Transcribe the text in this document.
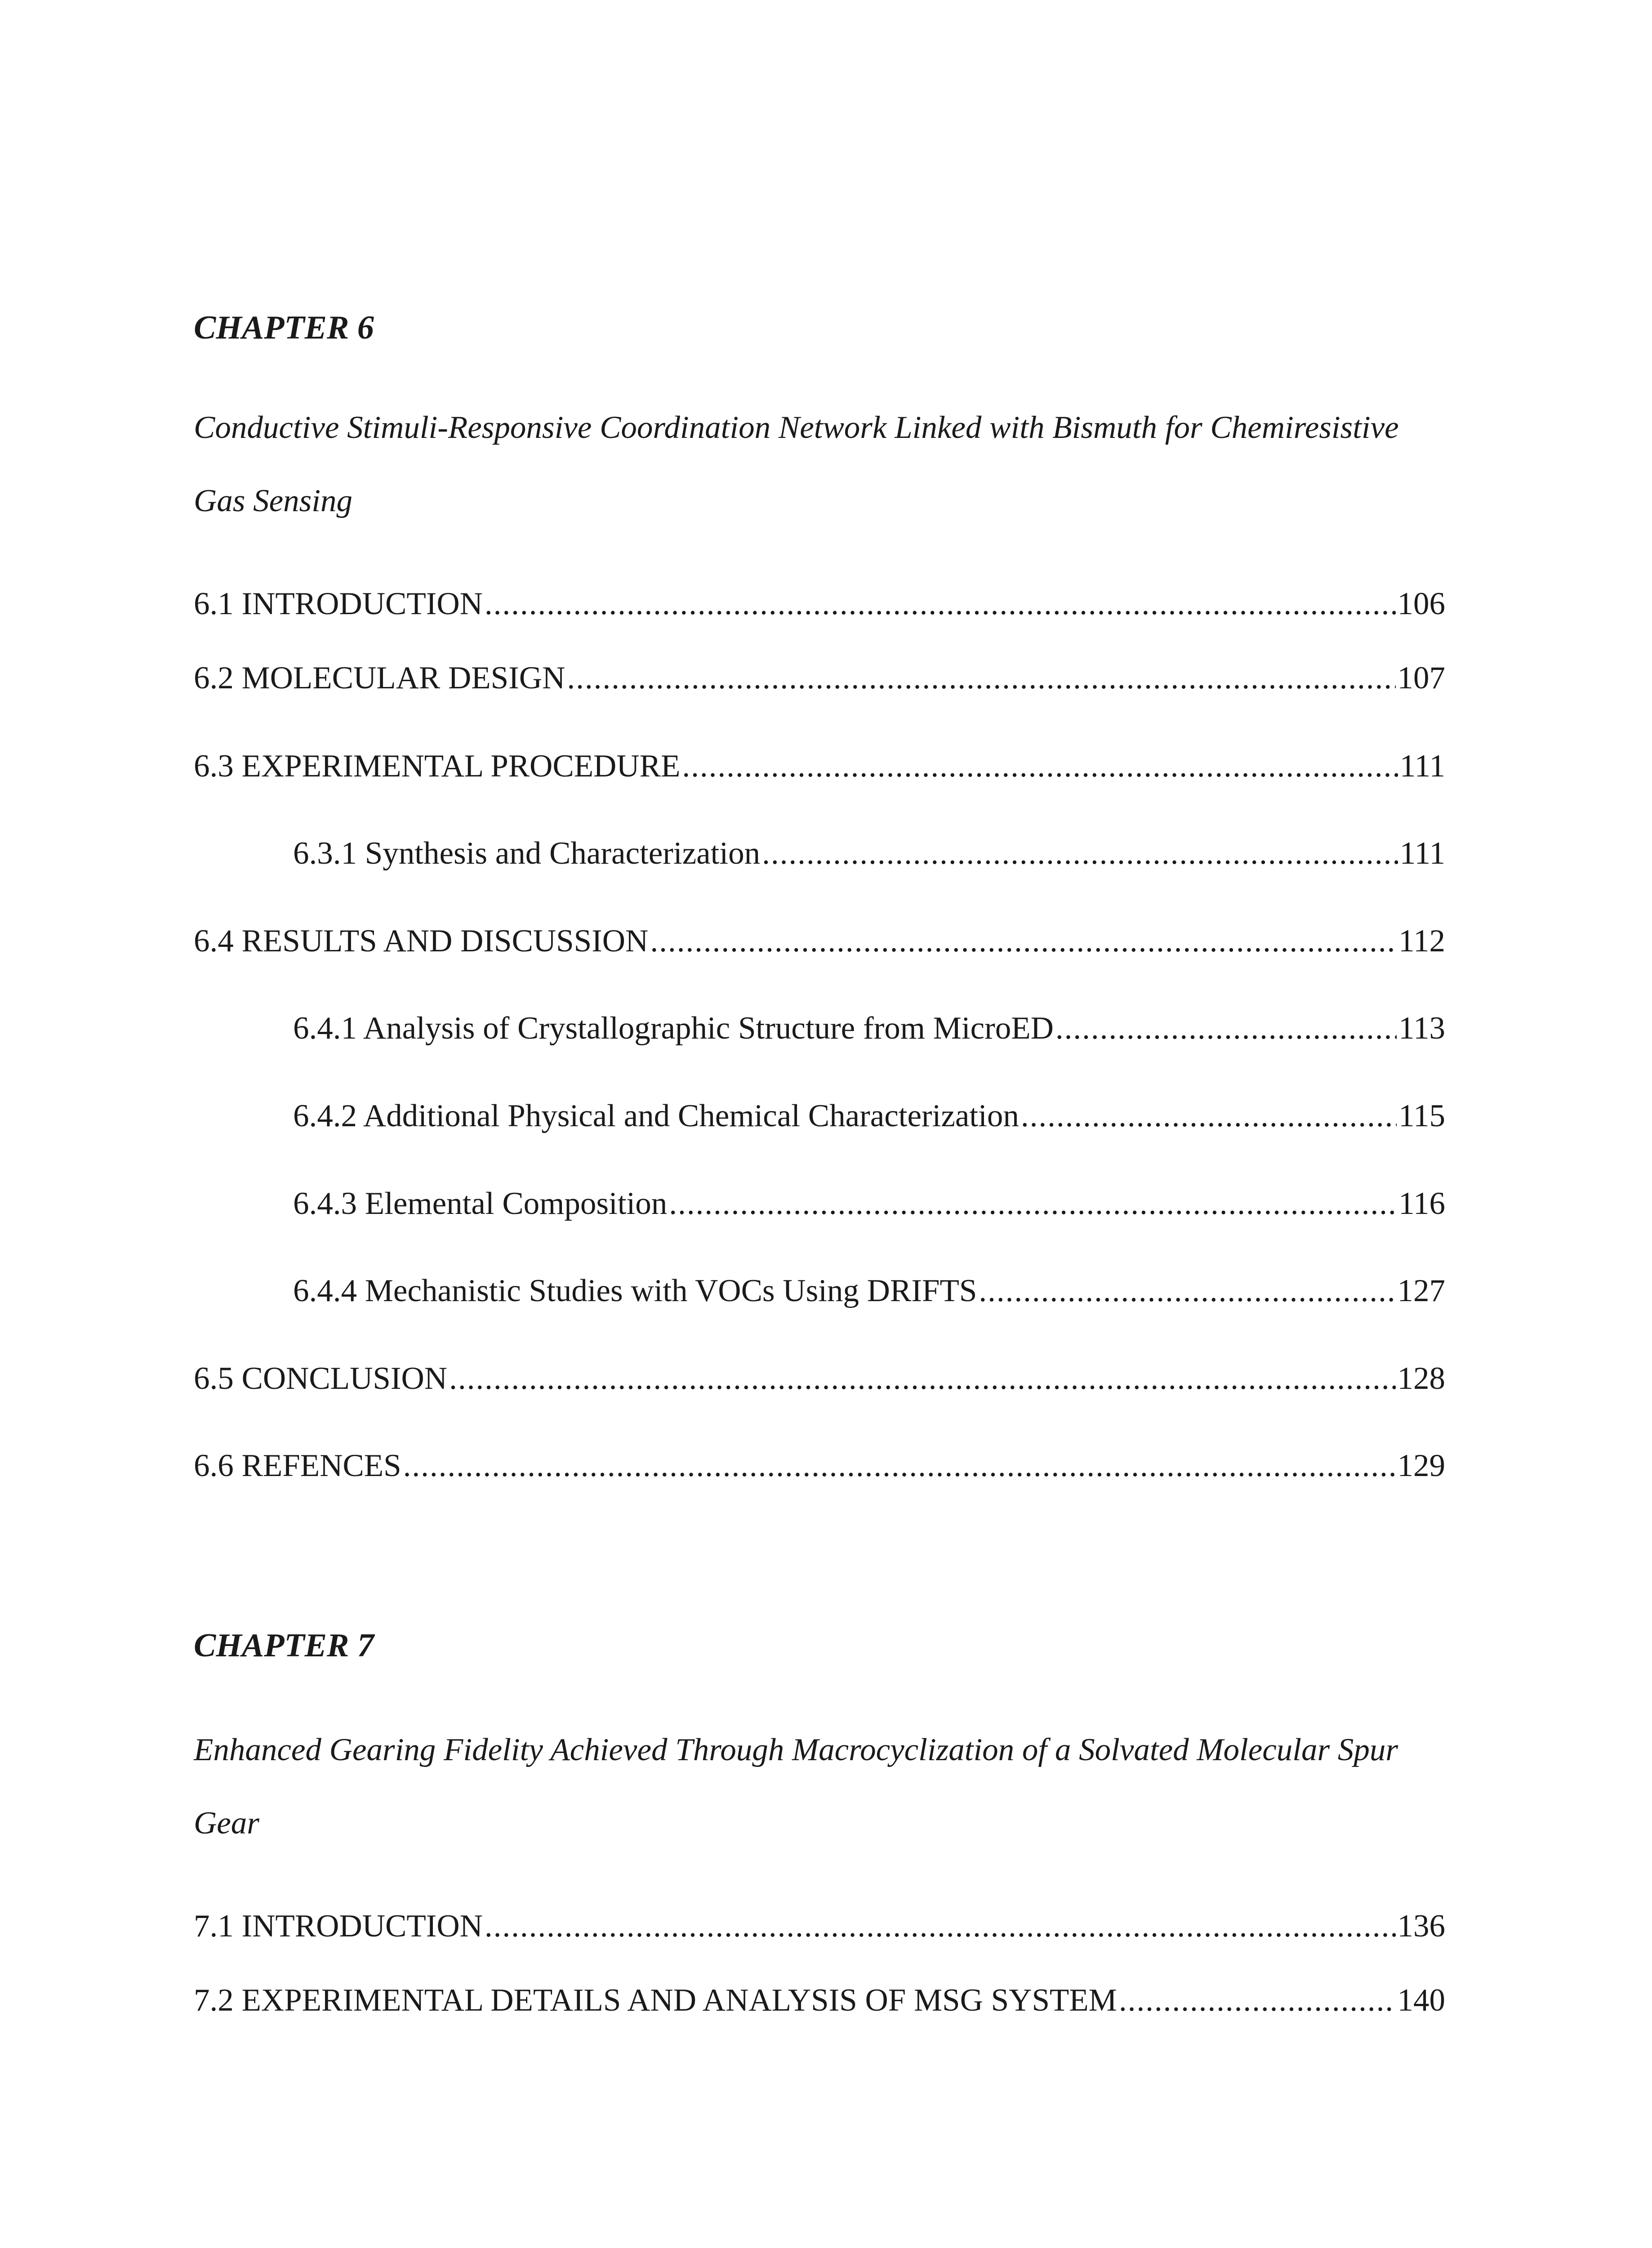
CHAPTER 6
Conductive Stimuli-Responsive Coordination Network Linked with Bismuth for Chemiresistive
Gas Sensing
6.1 INTRODUCTION .....	106
6.2 MOLECULAR DESIGN .....	107
6.3 EXPERIMENTAL PROCEDURE .....	111
6.3.1 Synthesis and Characterization .....	111
6.4 RESULTS AND DISCUSSION .....	112
6.4.1 Analysis of Crystallographic Structure from MicroED .....	113
6.4.2 Additional Physical and Chemical Characterization .....	115
6.4.3 Elemental Composition .....	116
6.4.4 Mechanistic Studies with VOCs Using DRIFTS .....	127
6.5 CONCLUSION .....	128
6.6 REFENCES .....	129
CHAPTER 7
Enhanced Gearing Fidelity Achieved Through Macrocyclization of a Solvated Molecular Spur
Gear
7.1 INTRODUCTION .....	136
7.2 EXPERIMENTAL DETAILS AND ANALYSIS OF MSG SYSTEM .....	140
